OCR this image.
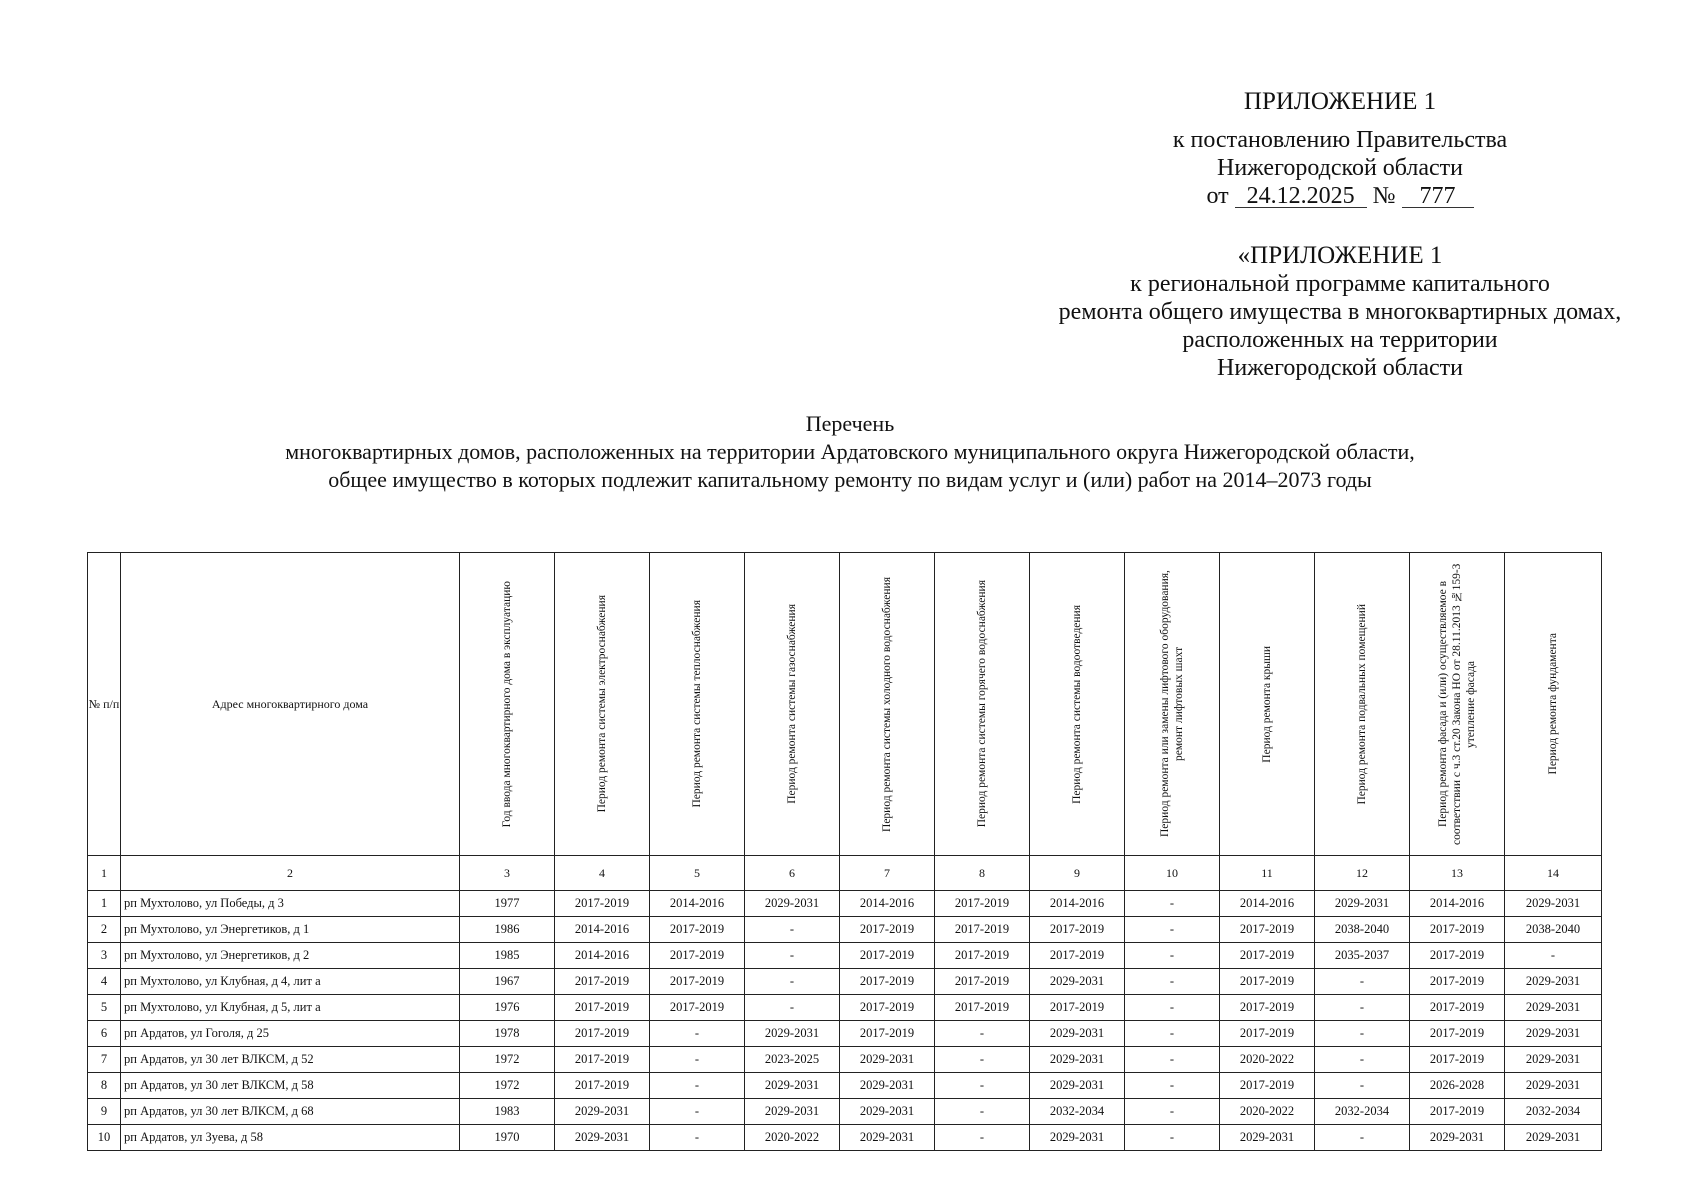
ПРИЛОЖЕНИЕ 1
к постановлению Правительства
Нижегородской области
от 24.12.2025 № 777
«ПРИЛОЖЕНИЕ 1
к региональной программе капитального
ремонта общего имущества в многоквартирных домах,
расположенных на территории
Нижегородской области
Перечень
многоквартирных домов, расположенных на территории Ардатовского муниципального округа Нижегородской области,
общее имущество в которых подлежит капитальному ремонту по видам услуг и (или) работ на 2014–2073 годы
№ п/п	Адрес многоквартирного дома	Год ввода многоквартирного дома в эксплуатацию	Период ремонта системы электроснабжения	Период ремонта системы теплоснабжения	Период ремонта системы газоснабжения	Период ремонта системы холодного водоснабжения	Период ремонта системы горячего водоснабжения	Период ремонта системы водоотведения	Период ремонта или замены лифтового оборудования, ремонт лифтовых шахт	Период ремонта крыши	Период ремонта подвальных помещений	Период ремонта фасада и (или) осуществляемое в соответствии с ч.3 ст.20 Закона НО от 28.11.2013 №159-З утепление фасада	Период ремонта фундамента

1	2	3	4	5	6	7	8	9	10	11	12	13	14
1	рп Мухтолово, ул Победы, д 3	1977	2017-2019	2014-2016	2029-2031	2014-2016	2017-2019	2014-2016	-	2014-2016	2029-2031	2014-2016	2029-2031
2	рп Мухтолово, ул Энергетиков, д 1	1986	2014-2016	2017-2019	-	2017-2019	2017-2019	2017-2019	-	2017-2019	2038-2040	2017-2019	2038-2040
3	рп Мухтолово, ул Энергетиков, д 2	1985	2014-2016	2017-2019	-	2017-2019	2017-2019	2017-2019	-	2017-2019	2035-2037	2017-2019	-
4	рп Мухтолово, ул Клубная, д 4, лит а	1967	2017-2019	2017-2019	-	2017-2019	2017-2019	2029-2031	-	2017-2019	-	2017-2019	2029-2031
5	рп Мухтолово, ул Клубная, д 5, лит а	1976	2017-2019	2017-2019	-	2017-2019	2017-2019	2017-2019	-	2017-2019	-	2017-2019	2029-2031
6	рп Ардатов, ул Гоголя, д 25	1978	2017-2019	-	2029-2031	2017-2019	-	2029-2031	-	2017-2019	-	2017-2019	2029-2031
7	рп Ардатов, ул 30 лет ВЛКСМ, д 52	1972	2017-2019	-	2023-2025	2029-2031	-	2029-2031	-	2020-2022	-	2017-2019	2029-2031
8	рп Ардатов, ул 30 лет ВЛКСМ, д 58	1972	2017-2019	-	2029-2031	2029-2031	-	2029-2031	-	2017-2019	-	2026-2028	2029-2031
9	рп Ардатов, ул 30 лет ВЛКСМ, д 68	1983	2029-2031	-	2029-2031	2029-2031	-	2032-2034	-	2020-2022	2032-2034	2017-2019	2032-2034
10	рп Ардатов, ул Зуева, д 58	1970	2029-2031	-	2020-2022	2029-2031	-	2029-2031	-	2029-2031	-	2029-2031	2029-2031
